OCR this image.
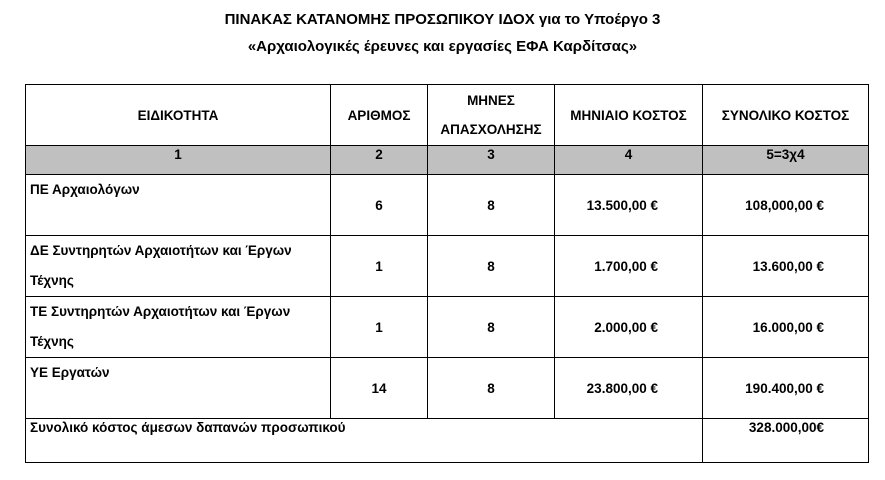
ΠΙΝΑΚΑΣ ΚΑΤΑΝΟΜΗΣ ΠΡΟΣΩΠΙΚΟΥ ΙΔΟΧ για το Υποέργο 3
«Αρχαιολογικές έρευνες και εργασίες ΕΦΑ Καρδίτσας»
ΕΙΔΙΚΟΤΗΤΑ	ΑΡΙΘΜΟΣ	ΜΗΝΕΣ ΑΠΑΣΧΟΛΗΣΗΣ	ΜΗΝΙΑΙΟ ΚΟΣΤΟΣ	ΣΥΝΟΛΙΚΟ ΚΟΣΤΟΣ
1	2	3	4	5=3χ4
ΠΕ Αρχαιολόγων	6	8	13.500,00 €	108,000,00 €
ΔΕ Συντηρητών Αρχαιοτήτων και Έργων Τέχνης	1	8	1.700,00 €	13.600,00 €
ΤΕ Συντηρητών Αρχαιοτήτων και Έργων Τέχνης	1	8	2.000,00 €	16.000,00 €
ΥΕ Εργατών	14	8	23.800,00 €	190.400,00 €
Συνολικό κόστος άμεσων δαπανών προσωπικού				328.000,00€
